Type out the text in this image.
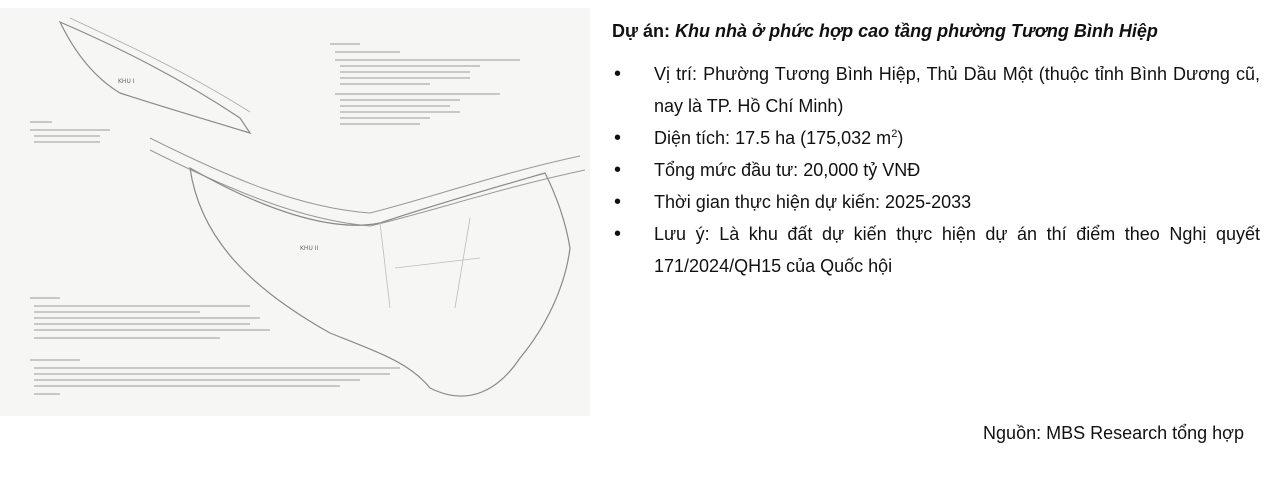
KHU I
KHU II
Dự án: Khu nhà ở phức hợp cao tầng phường Tương Bình Hiệp
• Vị trí: Phường Tương Bình Hiệp, Thủ Dầu Một (thuộc tỉnh Bình Dương cũ, nay là TP. Hồ Chí Minh)
• Diện tích: 17.5 ha (175,032 $m^2$)
• Tổng mức đầu tư: 20,000 tỷ VNĐ
• Thời gian thực hiện dự kiến: 2025-2033
• Lưu ý: Là khu đất dự kiến thực hiện dự án thí điểm theo Nghị quyết 171/2024/QH15 của Quốc hội
Nguồn: MBS Research tổng hợp
